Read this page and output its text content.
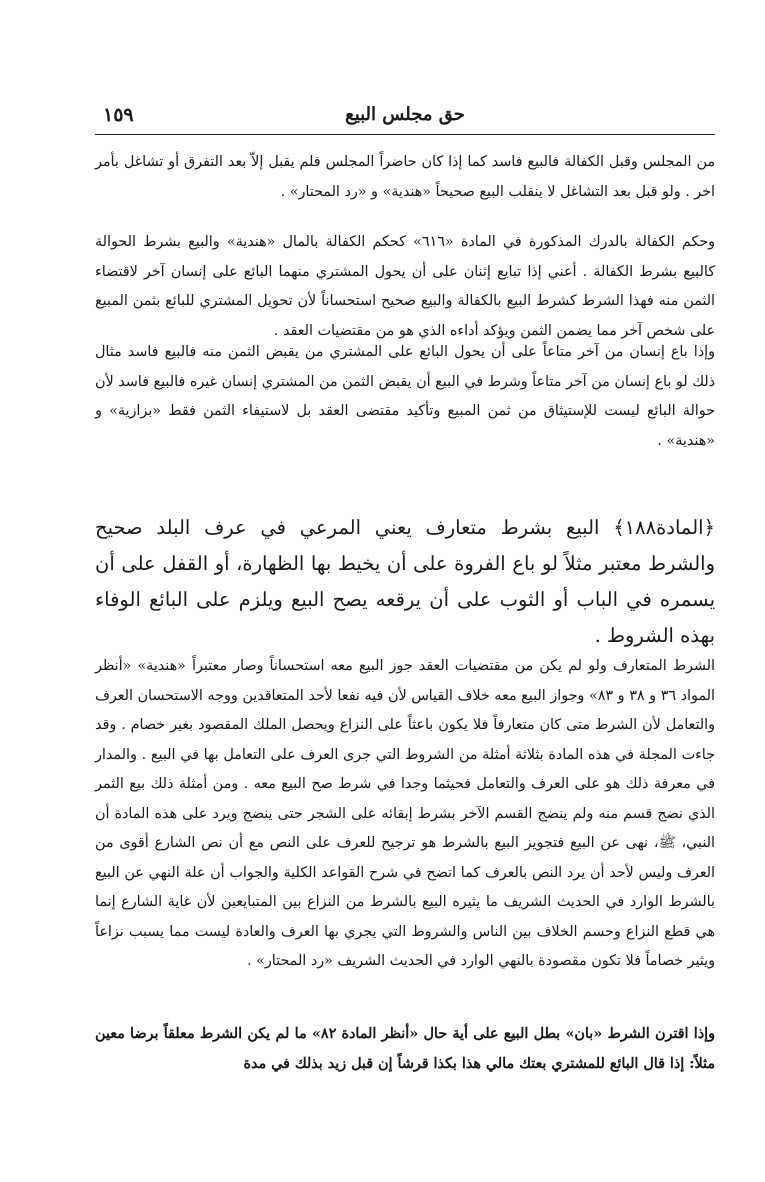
١٥٩	حق مجلس البيع

من المجلس وقبل الكفالة فالبيع فاسد كما إذا كان حاضراً المجلس فلم يقبل إلاّ بعد التفرق أو تشاغل بأمر اخر . ولو قبل بعد التشاغل لا ينقلب البيع صحيحاً «هندية» و «رد المحتار» .

وحكم الكفالة بالدرك المذكورة في المادة «٦١٦» كحكم الكفالة بالمال «هندية» والبيع بشرط الحوالة كالبيع بشرط الكفالة . أعني إذا تبايع إثنان على أن يحول المشتري منهما البائع على إنسان آخر لاقتضاء الثمن منه فهذا الشرط كشرط البيع بالكفالة والبيع صحيح استحساناً لأن تحويل المشتري للبائع بثمن المبيع على شخص آخر مما يضمن الثمن ويؤكد أداءه الذي هو من مقتضيات العقد .

وإذا باع إنسان من آخر متاعاً على أن يحول البائع على المشتري من يقبض الثمن منه فالبيع فاسد مثال ذلك لو باع إنسان من آخر متاعاً وشرط في البيع أن يقبض الثمن من المشتري إنسان غيره فالبيع فاسد لأن حوالة البائع ليست للإستيثاق من ثمن المبيع وتأكيد مقتضى العقد بل لاستيفاء الثمن فقط «بزازية» و «هندية» .

﴿المادة١٨٨﴾ البيع بشرط متعارف يعني المرعي في عرف البلد صحيح والشرط معتبر مثلاً لو باع الفروة على أن يخيط بها الظهارة، أو القفل على أن يسمره في الباب أو الثوب على أن يرقعه يصح البيع ويلزم على البائع الوفاء بهذه الشروط .

الشرط المتعارف ولو لم يكن من مقتضيات العقد جوز البيع معه استحساناً وصار معتبراً «هندية» «أنظر المواد ٣٦ و ٣٨ و ٨٣» وجواز البيع معه خلاف القياس لأن فيه نفعا لأحد المتعاقدين ووجه الاستحسان العرف والتعامل لأن الشرط متى كان متعارفاً فلا يكون باعثاً على النزاع ويحصل الملك المقصود بغير خصام . وقد جاءت المجلة في هذه المادة بثلاثة أمثلة من الشروط التي جرى العرف على التعامل بها في البيع . والمدار في معرفة ذلك هو على العرف والتعامل فحيثما وجدا في شرط صح البيع معه . ومن أمثلة ذلك بيع الثمر الذي نضج قسم منه ولم ينضج القسم الآخر بشرط إبقائه على الشجر حتى ينضج ويرد على هذه المادة أن النبي، ﷺ، نهى عن البيع فتجويز البيع بالشرط هو ترجيح للعرف على النص مع أن نص الشارع أقوى من العرف وليس لأحد أن يرد النص بالعرف كما اتضح في شرح القواعد الكلية والجواب أن علة النهي عن البيع بالشرط الوارد في الحديث الشريف ما يثيره البيع بالشرط من النزاع بين المتبايعين لأن غاية الشارع إنما هي قطع النزاع وحسم الخلاف بين الناس والشروط التي يجري بها العرف والعادة ليست مما يسبب نزاعاً ويثير خصاماً فلا تكون مقصودة بالنهي الوارد في الحديث الشريف «رد المحتار» .

وإذا اقترن الشرط «بان» بطل البيع على أية حال «أنظر المادة ٨٢» ما لم يكن الشرط معلقاً برضا معين مثلاً: إذا قال البائع للمشتري بعتك مالي هذا بكذا قرشاً إن قبل زيد بذلك في مدة
